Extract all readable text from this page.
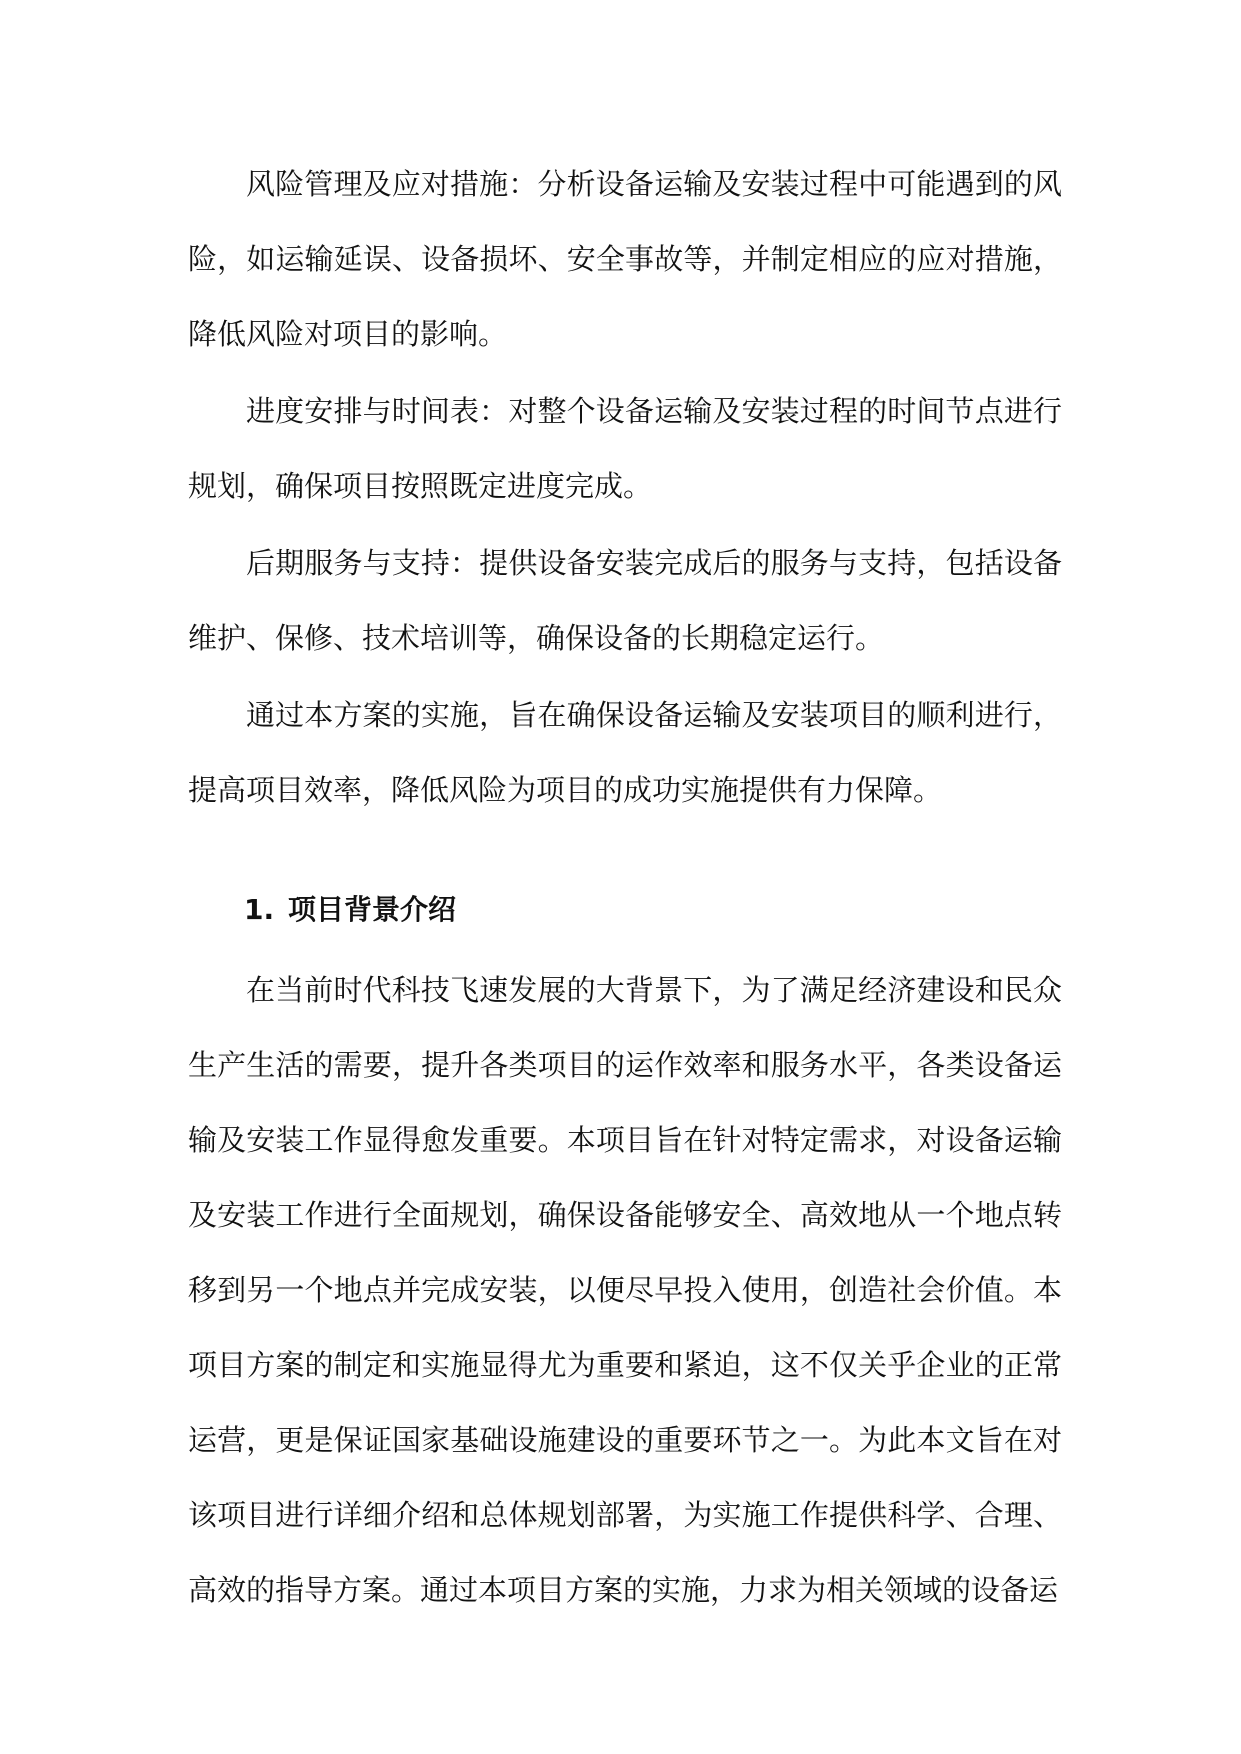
风险管理及应对措施：分析设备运输及安装过程中可能遇到的风险，如运输延误、设备损坏、安全事故等，并制定相应的应对措施，降低风险对项目的影响。

进度安排与时间表：对整个设备运输及安装过程的时间节点进行规划，确保项目按照既定进度完成。

后期服务与支持：提供设备安装完成后的服务与支持，包括设备维护、保修、技术培训等，确保设备的长期稳定运行。

通过本方案的实施，旨在确保设备运输及安装项目的顺利进行，提高项目效率，降低风险为项目的成功实施提供有力保障。

1. 项目背景介绍

在当前时代科技飞速发展的大背景下，为了满足经济建设和民众生产生活的需要，提升各类项目的运作效率和服务水平，各类设备运输及安装工作显得愈发重要。本项目旨在针对特定需求，对设备运输及安装工作进行全面规划，确保设备能够安全、高效地从一个地点转移到另一个地点并完成安装，以便尽早投入使用，创造社会价值。本项目方案的制定和实施显得尤为重要和紧迫，这不仅关乎企业的正常运营，更是保证国家基础设施建设的重要环节之一。为此本文旨在对该项目进行详细介绍和总体规划部署，为实施工作提供科学、合理、高效的指导方案。通过本项目方案的实施，力求为相关领域的设备运
